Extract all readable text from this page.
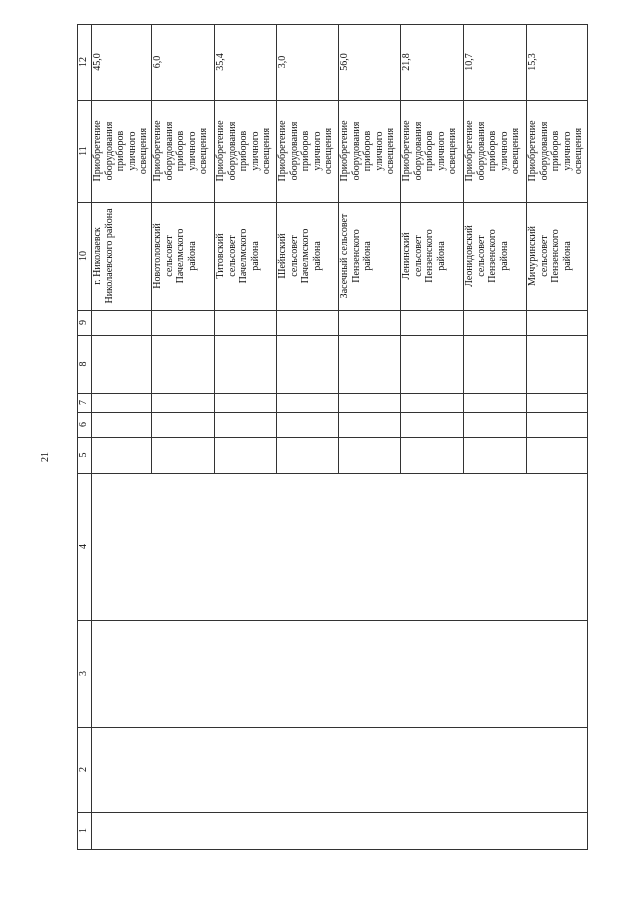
21
1
2
3
4
5
6
7
8
9
10
11
12 45,0
Приобретение
оборудования
приборов
уличного
освещения
г. Николаевск
Николаевского района
6,0
Приобретение
оборудования
приборов
уличного
освещения
Новотоловский
сельсовет
Пачелмского
района
35,4
Приобретение
оборудования
приборов
уличного
освещения
Титовский
сельсовет
Пачелмского
района
3,0
Приобретение
оборудования
приборов
уличного
освещения
Шейнский
сельсовет
Пачелмского
района
56,0
Приобретение
оборудования
приборов
уличного
освещения
Засечный сельсовет
Пензенского
района
21,8
Приобретение
оборудования
приборов
уличного
освещения
Ленинский
сельсовет
Пензенского
района
10,7
Приобретение
оборудования
приборов
уличного
освещения
Леонидовский
сельсовет
Пензенского
района
15,3
Приобретение
оборудования
приборов
уличного
освещения
Мичуринский
сельсовет
Пензенского
района
